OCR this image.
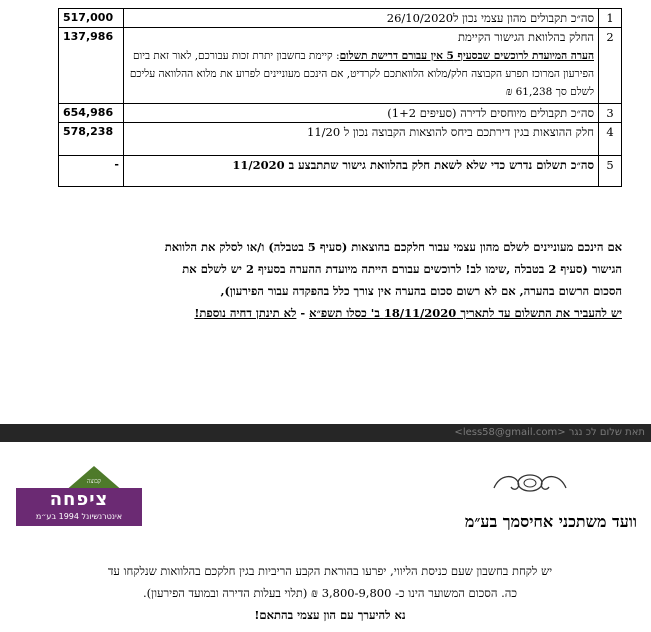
1	סה״כ תקבולים מהון עצמי נכון ל26/10/2020	517,000
2	החלק בהלוואת הגישור הקיימת
הערה המיועדת לרוכשים שבסעיף 5 אין עבורם דרישת תשלום: קיימת בחשבון יתרת זכות עבורכם, לאור זאת ביום הפירעון המרוכז תפרע הקבוצה חלק/מלוא הלוואתכם לקרדיט, אם הינכם מעוניינים לפרוע את מלוא ההלוואה עליכם לשלם סך 61,238 ₪	137,986
3	סה״כ תקבולים מיוחסים לדירה (סעיפים 1+2)	654,986
4	חלק ההוצאות בגין דירתכם ביחס להוצאות הקבוצה נכון ל 11/20	578,238
5	סה״כ תשלום נדרש כדי שלא לשאת חלק בהלוואת גישור שתתבצע ב 11/2020	-
אם הינכם מעוניינים לשלם מהון עצמי עבור חלקכם בהוצאות (סעיף 5 בטבלה) ו/או לסלק את הלוואת
הגישור (סעיף 2 בטבלה ,שימו לב! לרוכשים עבורם הייתה מיועדת ההערה בסעיף 2 יש לשלם את
הסכום הרשום בהערה, אם לא רשום סכום בהערה אין צורך כלל בהפקדה עבור הפירעון),
יש להעביר את התשלום עד לתאריך 18/11/2020 ב' כסלו תשפ״א - לא תינתן דחיה נוספת!
תאת שלום לכ נגר <less58@gmail.com>
קבוצה
ציפחה
אינטרנשיונל 1994 בע״מ	וועד משתכני אחיסמך בע״מ
יש לקחת בחשבון שעם כניסת הליווי, יפרעו בהוראת הקבע הריביות בגין חלקכם בהלוואות שנלקחו עד
כה. הסכום המשוער הינו כ- 3,800-9,800 ₪ (תלוי בעלות הדירה ובמועד הפירעון).
נא להיערך עם הון עצמי בהתאם!
